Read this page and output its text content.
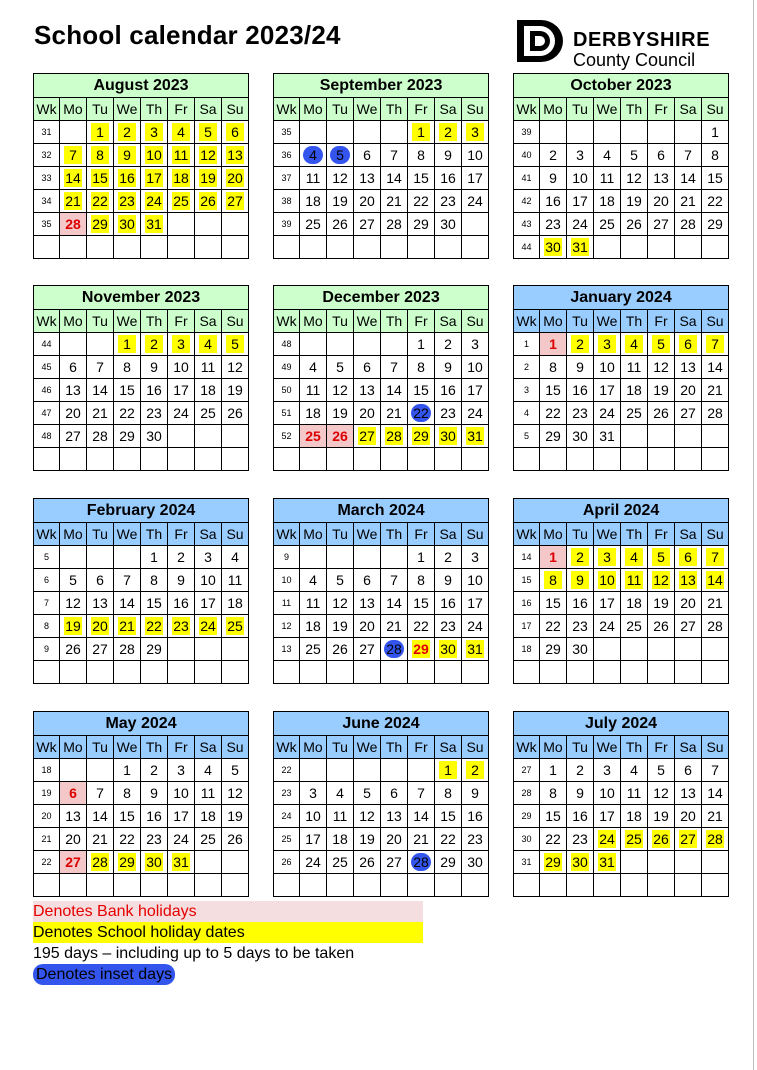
School calendar 2023/24	DERBYSHIRE
County Council
August 2023							
Wk	Mo	Tu	We	Th	Fr	Sa	Su
31		1	2	3	4	5	6
32	7	8	9	10	11	12	13
33	14	15	16	17	18	19	20
34	21	22	23	24	25	26	27
35	28	29	30	31			

September 2023							
Wk	Mo	Tu	We	Th	Fr	Sa	Su
35					1	2	3
36	4	5	6	7	8	9	10
37	11	12	13	14	15	16	17
38	18	19	20	21	22	23	24
39	25	26	27	28	29	30	

October 2023							
Wk	Mo	Tu	We	Th	Fr	Sa	Su
39							1
40	2	3	4	5	6	7	8
41	9	10	11	12	13	14	15
42	16	17	18	19	20	21	22
43	23	24	25	26	27	28	29
44	30	31					
November 2023							
Wk	Mo	Tu	We	Th	Fr	Sa	Su
44			1	2	3	4	5
45	6	7	8	9	10	11	12
46	13	14	15	16	17	18	19
47	20	21	22	23	24	25	26
48	27	28	29	30			

December 2023							
Wk	Mo	Tu	We	Th	Fr	Sa	Su
48					1	2	3
49	4	5	6	7	8	9	10
50	11	12	13	14	15	16	17
51	18	19	20	21	22	23	24
52	25	26	27	28	29	30	31

January 2024							
Wk	Mo	Tu	We	Th	Fr	Sa	Su
1	1	2	3	4	5	6	7
2	8	9	10	11	12	13	14
3	15	16	17	18	19	20	21
4	22	23	24	25	26	27	28
5	29	30	31				

February 2024							
Wk	Mo	Tu	We	Th	Fr	Sa	Su
5				1	2	3	4
6	5	6	7	8	9	10	11
7	12	13	14	15	16	17	18
8	19	20	21	22	23	24	25
9	26	27	28	29			

March 2024							
Wk	Mo	Tu	We	Th	Fr	Sa	Su
9					1	2	3
10	4	5	6	7	8	9	10
11	11	12	13	14	15	16	17
12	18	19	20	21	22	23	24
13	25	26	27	28	29	30	31

April 2024							
Wk	Mo	Tu	We	Th	Fr	Sa	Su
14	1	2	3	4	5	6	7
15	8	9	10	11	12	13	14
16	15	16	17	18	19	20	21
17	22	23	24	25	26	27	28
18	29	30					

May 2024							
Wk	Mo	Tu	We	Th	Fr	Sa	Su
18			1	2	3	4	5
19	6	7	8	9	10	11	12
20	13	14	15	16	17	18	19
21	20	21	22	23	24	25	26
22	27	28	29	30	31		

June 2024							
Wk	Mo	Tu	We	Th	Fr	Sa	Su
22						1	2
23	3	4	5	6	7	8	9
24	10	11	12	13	14	15	16
25	17	18	19	20	21	22	23
26	24	25	26	27	28	29	30

July 2024							
Wk	Mo	Tu	We	Th	Fr	Sa	Su
27	1	2	3	4	5	6	7
28	8	9	10	11	12	13	14
29	15	16	17	18	19	20	21
30	22	23	24	25	26	27	28
31	29	30	31				

Denotes Bank holidays
Denotes School holiday dates
195 days – including up to 5 days to be taken
Denotes inset days
